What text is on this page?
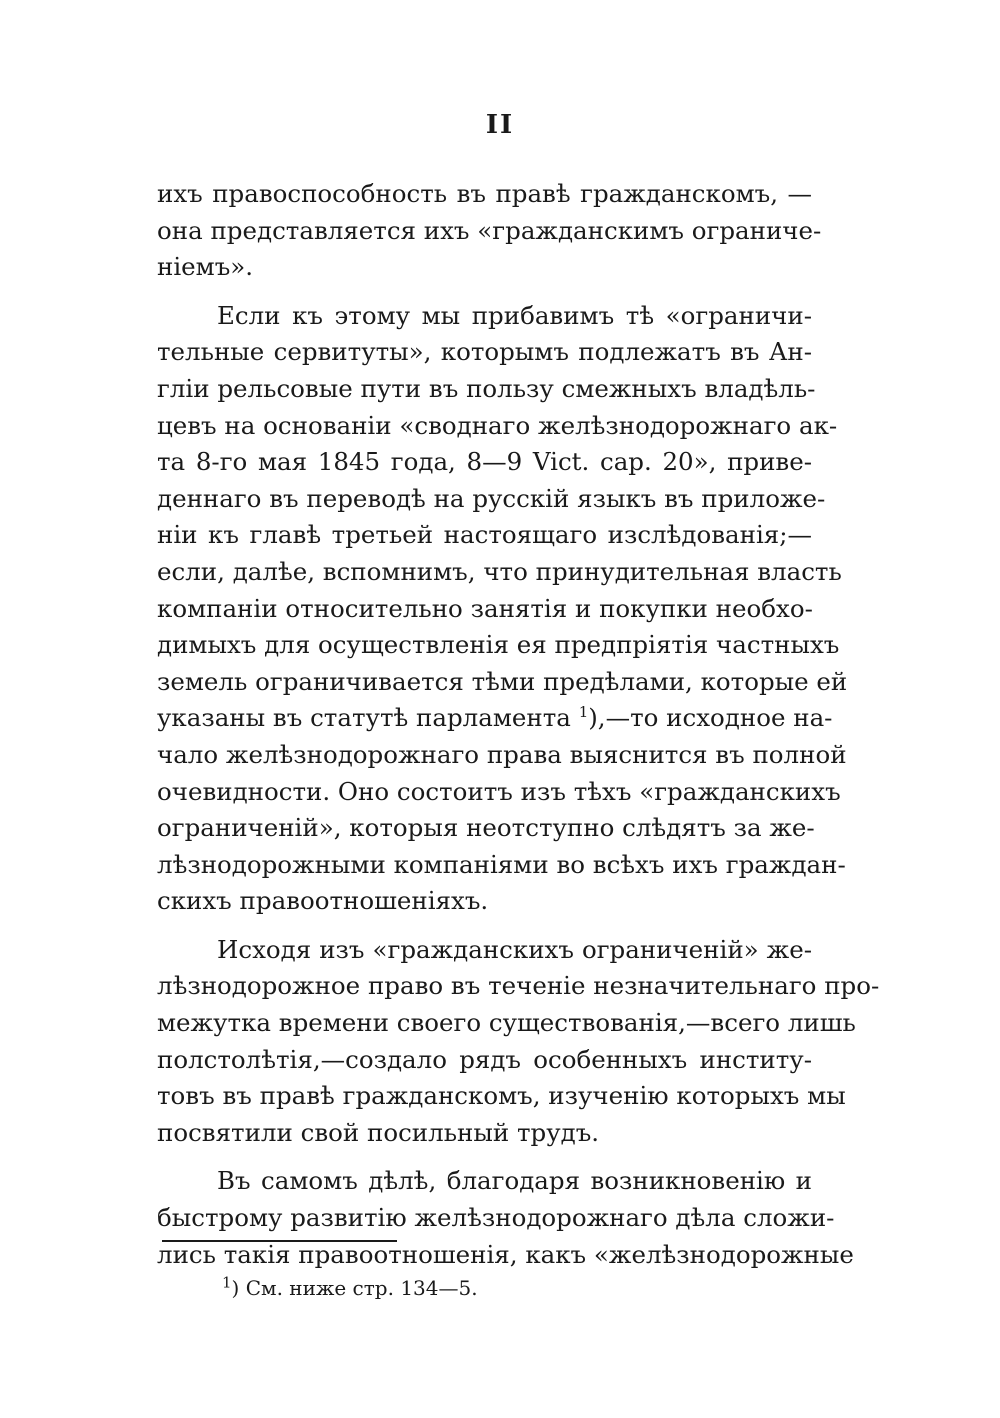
II
ихъ правоспособность въ правѣ гражданскомъ, —
она представляется ихъ «гражданскимъ ограниче-
ніемъ».
Если къ этому мы прибавимъ тѣ «ограничи-
тельные сервитуты», которымъ подлежатъ въ Ан-
гліи рельсовые пути въ пользу смежныхъ владѣль-
цевъ на основаніи «своднаго желѣзнодорожнаго ак-
та 8-го мая 1845 года, 8—9 Vict. cap. 20», приве-
деннаго въ переводѣ на русскій языкъ въ приложе-
ніи къ главѣ третьей настоящаго изслѣдованія;—
если, далѣе, вспомнимъ, что принудительная власть
компаніи относительно занятія и покупки необхо-
димыхъ для осуществленія ея предпріятія частныхъ
земель ограничивается тѣми предѣлами, которые ей
указаны въ статутѣ парламента $^1$),—то исходное на-
чало желѣзнодорожнаго права выяснится въ полной
очевидности. Оно состоитъ изъ тѣхъ «гражданскихъ
ограниченій», которыя неотступно слѣдятъ за же-
лѣзнодорожными компаніями во всѣхъ ихъ граждан-
скихъ правоотношеніяхъ.
Исходя изъ «гражданскихъ ограниченій» же-
лѣзнодорожное право въ теченіе незначительнаго про-
межутка времени своего существованія,—всего лишь
полстолѣтія,—создало рядъ особенныхъ институ-
товъ въ правѣ гражданскомъ, изученію которыхъ мы
посвятили свой посильный трудъ.
Въ самомъ дѣлѣ, благодаря возникновенію и
быстрому развитію желѣзнодорожнаго дѣла сложи-
лись такія правоотношенія, какъ «желѣзнодорожные
$^1$) См. ниже стр. 134—5.
